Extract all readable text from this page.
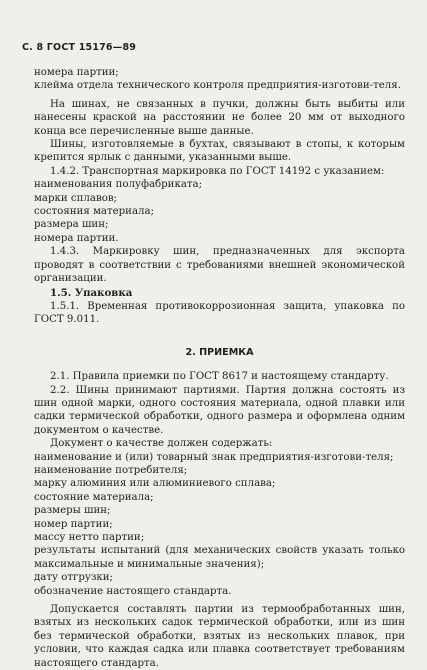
С. 8 ГОСТ 15176—89

номера партии;

клейма отдела технического контроля предприятия-изготови-теля.

На шинах, не связанных в пучки, должны быть выбиты или нанесены краской на расстоянии не более 20 мм от выходного конца все перечисленные выше данные.

Шины, изготовляемые в бухтах, связывают в стопы, к которым крепится ярлык с данными, указанными выше.

1.4.2. Транспортная маркировка по ГОСТ 14192 с указанием:

наименования полуфабриката;

марки сплавов;

состояния материала;

размера шин;

номера партии.

1.4.3. Маркировку шин, предназначенных для экспорта проводят в соответствии с требованиями внешней экономической организации.

1.5. Упаковка

1.5.1. Временная противокоррозионная защита, упаковка по ГОСТ 9.011.

2. ПРИЕМКА

2.1. Правила приемки по ГОСТ 8617 и настоящему стандарту.

2.2. Шины принимают партиями. Партия должна состоять из шин одной марки, одного состояния материала, одной плавки или садки термической обработки, одного размера и оформлена одним документом о качестве.

Документ о качестве должен содержать:

наименование и (или) товарный знак предприятия-изготови-теля;

наименование потребителя;

марку алюминия или алюминиевого сплава;

состояние материала;

размеры шин;

номер партии;

массу нетто партии;

результаты испытаний (для механических свойств указать только максимальные и минимальные значения);

дату отгрузки;

обозначение настоящего стандарта.

Допускается составлять партии из термообработанных шин, взятых из нескольких садок термической обработки, или из шин без термической обработки, взятых из нескольких плавок, при условии, что каждая садка или плавка соответствует требованиям настоящего стандарта.
